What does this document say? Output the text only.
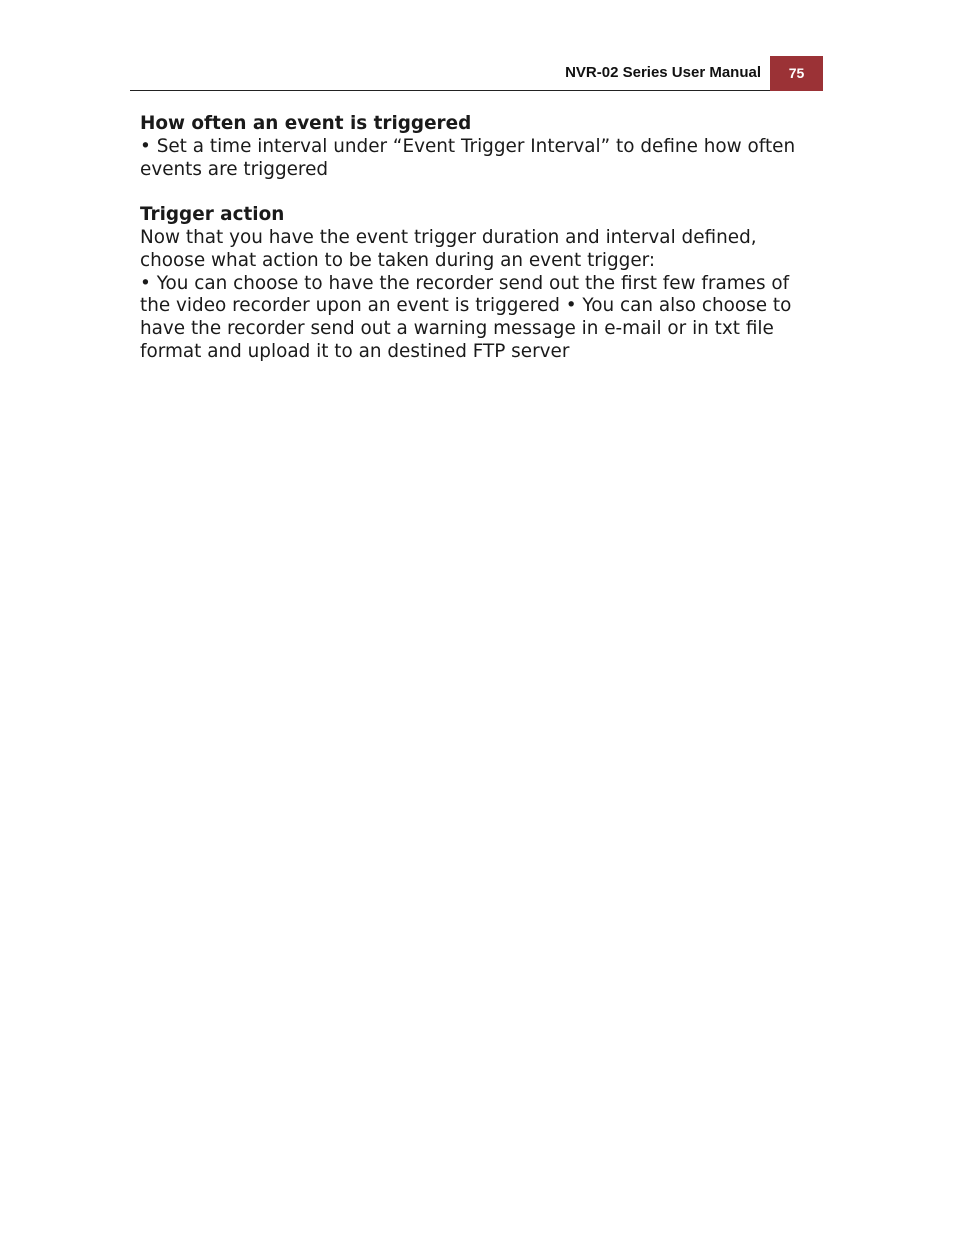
NVR-02 Series User Manual	75

How often an event is triggered

• Set a time interval under “Event Trigger Interval” to define how often

events are triggered

Trigger action

Now that you have the event trigger duration and interval defined,

choose what action to be taken during an event trigger:

• You can choose to have the recorder send out the first few frames of

the video recorder upon an event is triggered • You can also choose to

have the recorder send out a warning message in e-mail or in txt file

format and upload it to an destined FTP server
